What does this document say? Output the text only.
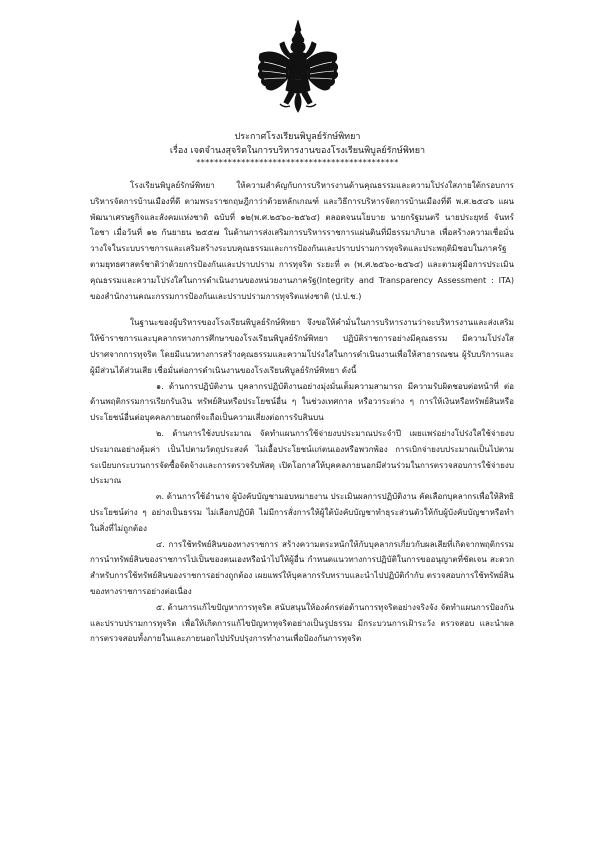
ประกาศโรงเรียนพิบูลย์รักษ์พิทยา
เรื่อง เจตจำนงสุจริตในการบริหารงานของโรงเรียนพิบูลย์รักษ์พิทยา
*********************************************

โรงเรียนพิบูลย์รักษ์พิทยา ให้ความสำคัญกับการบริหารงานด้านคุณธรรมและความโปร่งใสภายใต้กรอบการบริหารจัดการบ้านเมืองที่ดี ตามพระราชกฤษฎีกาว่าด้วยหลักเกณฑ์ และวิธีการบริหารจัดการบ้านเมืองที่ดี พ.ศ.๒๕๔๖ แผนพัฒนาเศรษฐกิจและสังคมแห่งชาติ ฉบับที่ ๑๒(พ.ศ.๒๕๖๐-๒๕๖๔) ตลอดจนนโยบาย นายกรัฐมนตรี นายประยุทธ์ จันทร์โอชา เมื่อวันที่ ๑๒ กันยายน ๒๕๕๗ ในด้านการส่งเสริมการบริหารราชการแผ่นดินที่มีธรรมาภิบาล เพื่อสร้างความเชื่อมั่นวางใจในระบบราชการและเสริมสร้างระบบคุณธรรมและการป้องกันและปราบปรามการทุจริตและประพฤติมิชอบในภาครัฐ ตามยุทธศาสตร์ชาติว่าด้วยการป้องกันและปราบปราม การทุจริต ระยะที่ ๓ (พ.ศ.๒๕๖๐-๒๕๖๔) และตามคู่มือการประเมินคุณธรรมและความโปร่งใสในการดำเนินงานของหน่วยงานภาครัฐ(Integrity and Transparency Assessment : ITA) ของสำนักงานคณะกรรมการป้องกันและปราบปรามการทุจริตแห่งชาติ (ป.ป.ช.)

ในฐานะของผู้บริหารของโรงเรียนพิบูลย์รักษ์พิทยา จึงขอให้คำมั่นในการบริหารงานว่าจะบริหารงานและส่งเสริมให้ข้าราชการและบุคลากรทางการศึกษาของโรงเรียนพิบูลย์รักษ์พิทยา ปฏิบัติราชการอย่างมีคุณธรรม มีความโปร่งใส ปราศจากการทุจริต โดยมีแนวทางการสร้างคุณธรรมและความโปร่งใสในการดำเนินงานเพื่อให้สาธารณชน ผู้รับบริการและผู้มีส่วนได้ส่วนเสีย เชื่อมั่นต่อการดำเนินงานของโรงเรียนพิบูลย์รักษ์พิทยา ดังนี้

๑. ด้านการปฏิบัติงาน บุคลากรปฏิบัติงานอย่างมุ่งมั่นเต็มความสามารถ มีความรับผิดชอบต่อหน้าที่ ต่อด้านพฤติกรรมการเรียกรับเงิน ทรัพย์สินหรือประโยชน์อื่น ๆ ในช่วงเทศกาล หรือวาระต่าง ๆ การให้เงินหรือทรัพย์สินหรือประโยชน์อื่นต่อบุคคลภายนอกที่จะถือเป็นความเสี่ยงต่อการรับสินบน

๒. ด้านการใช้งบประมาณ จัดทำแผนการใช้จ่ายงบประมาณประจำปี เผยแพร่อย่างโปร่งใสใช้จ่ายงบประมาณอย่างคุ้มค่า เป็นไปตามวัตถุประสงค์ ไม่เอื้อประโยชน์แก่ตนเองหรือพวกพ้อง การเบิกจ่ายงบประมาณเป็นไปตามระเบียบกระบวนการจัดซื้อจัดจ้างและการตรวจรับพัสดุ เปิดโอกาสให้บุคคลภายนอกมีส่วนร่วมในการตรวจสอบการใช้จ่ายงบประมาณ

๓. ด้านการใช้อำนาจ ผู้บังคับบัญชามอบหมายงาน ประเมินผลการปฏิบัติงาน คัดเลือกบุคลากรเพื่อให้สิทธิประโยชน์ต่าง ๆ อย่างเป็นธรรม ไม่เลือกปฏิบัติ ไม่มีการสั่งการให้ผู้ใต้บังคับบัญชาทำธุระส่วนตัวให้กับผู้บังคับบัญชาหรือทำในสิ่งที่ไม่ถูกต้อง

๔. การใช้ทรัพย์สินของทางราชการ สร้างความตระหนักให้กับบุคลากรเกี่ยวกับผลเสียที่เกิดจากพฤติกรรมการนำทรัพย์สินของราชการไปเป็นของตนเองหรือนำไปให้ผู้อื่น กำหนดแนวทางการปฏิบัติในการขออนุญาตที่ชัดเจน สะดวกสำหรับการใช้ทรัพย์สินของราชการอย่างถูกต้อง เผยแพร่ให้บุคลากรรับทราบและนำไปปฏิบัติกำกับ ตรวจสอบการใช้ทรัพย์สินของทางราชการอย่างต่อเนื่อง

๕. ด้านการแก้ไขปัญหาการทุจริต สนับสนุนให้องค์กรต่อต้านการทุจริตอย่างจริงจัง จัดทำแผนการป้องกันและปราบปรามการทุจริต เพื่อให้เกิดการแก้ไขปัญหาทุจริตอย่างเป็นรูปธรรม มีกระบวนการเฝ้าระวัง ตรวจสอบ และนำผลการตรวจสอบทั้งภายในและภายนอกไปปรับปรุงการทำงานเพื่อป้องกันการทุจริต
